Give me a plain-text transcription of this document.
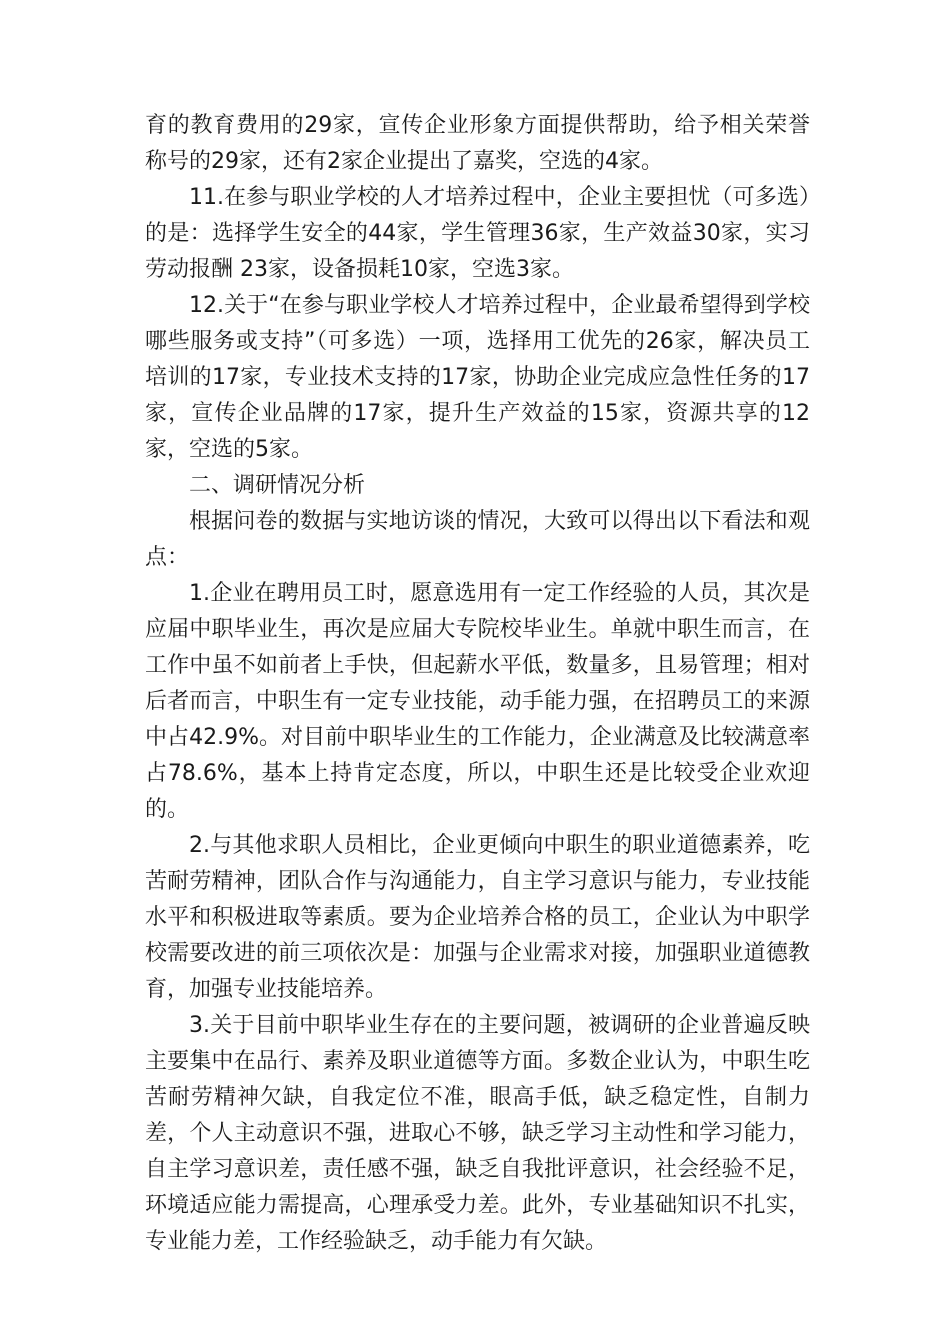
育的教育费用的29家，宣传企业形象方面提供帮助，给予相关荣誉称号的29家，还有2家企业提出了嘉奖，空选的4家。

11.在参与职业学校的人才培养过程中，企业主要担忧（可多选）的是：选择学生安全的44家，学生管理36家，生产效益30家，实习劳动报酬 23家，设备损耗10家，空选3家。

12.关于“在参与职业学校人才培养过程中，企业最希望得到学校哪些服务或支持”（可多选）一项，选择用工优先的26家，解决员工培训的17家，专业技术支持的17家，协助企业完成应急性任务的17家，宣传企业品牌的17家，提升生产效益的15家，资源共享的12家，空选的5家。

二、调研情况分析

根据问卷的数据与实地访谈的情况，大致可以得出以下看法和观点：

1.企业在聘用员工时，愿意选用有一定工作经验的人员，其次是应届中职毕业生，再次是应届大专院校毕业生。单就中职生而言，在工作中虽不如前者上手快，但起薪水平低，数量多，且易管理；相对后者而言，中职生有一定专业技能，动手能力强，在招聘员工的来源中占42.9%。对目前中职毕业生的工作能力，企业满意及比较满意率占78.6%，基本上持肯定态度，所以，中职生还是比较受企业欢迎的。

2.与其他求职人员相比，企业更倾向中职生的职业道德素养，吃苦耐劳精神，团队合作与沟通能力，自主学习意识与能力，专业技能水平和积极进取等素质。要为企业培养合格的员工，企业认为中职学校需要改进的前三项依次是：加强与企业需求对接，加强职业道德教育，加强专业技能培养。

3.关于目前中职毕业生存在的主要问题，被调研的企业普遍反映主要集中在品行、素养及职业道德等方面。多数企业认为，中职生吃苦耐劳精神欠缺，自我定位不准，眼高手低，缺乏稳定性，自制力差，个人主动意识不强，进取心不够，缺乏学习主动性和学习能力，自主学习意识差，责任感不强，缺乏自我批评意识，社会经验不足，环境适应能力需提高，心理承受力差。此外，专业基础知识不扎实，专业能力差，工作经验缺乏，动手能力有欠缺。
